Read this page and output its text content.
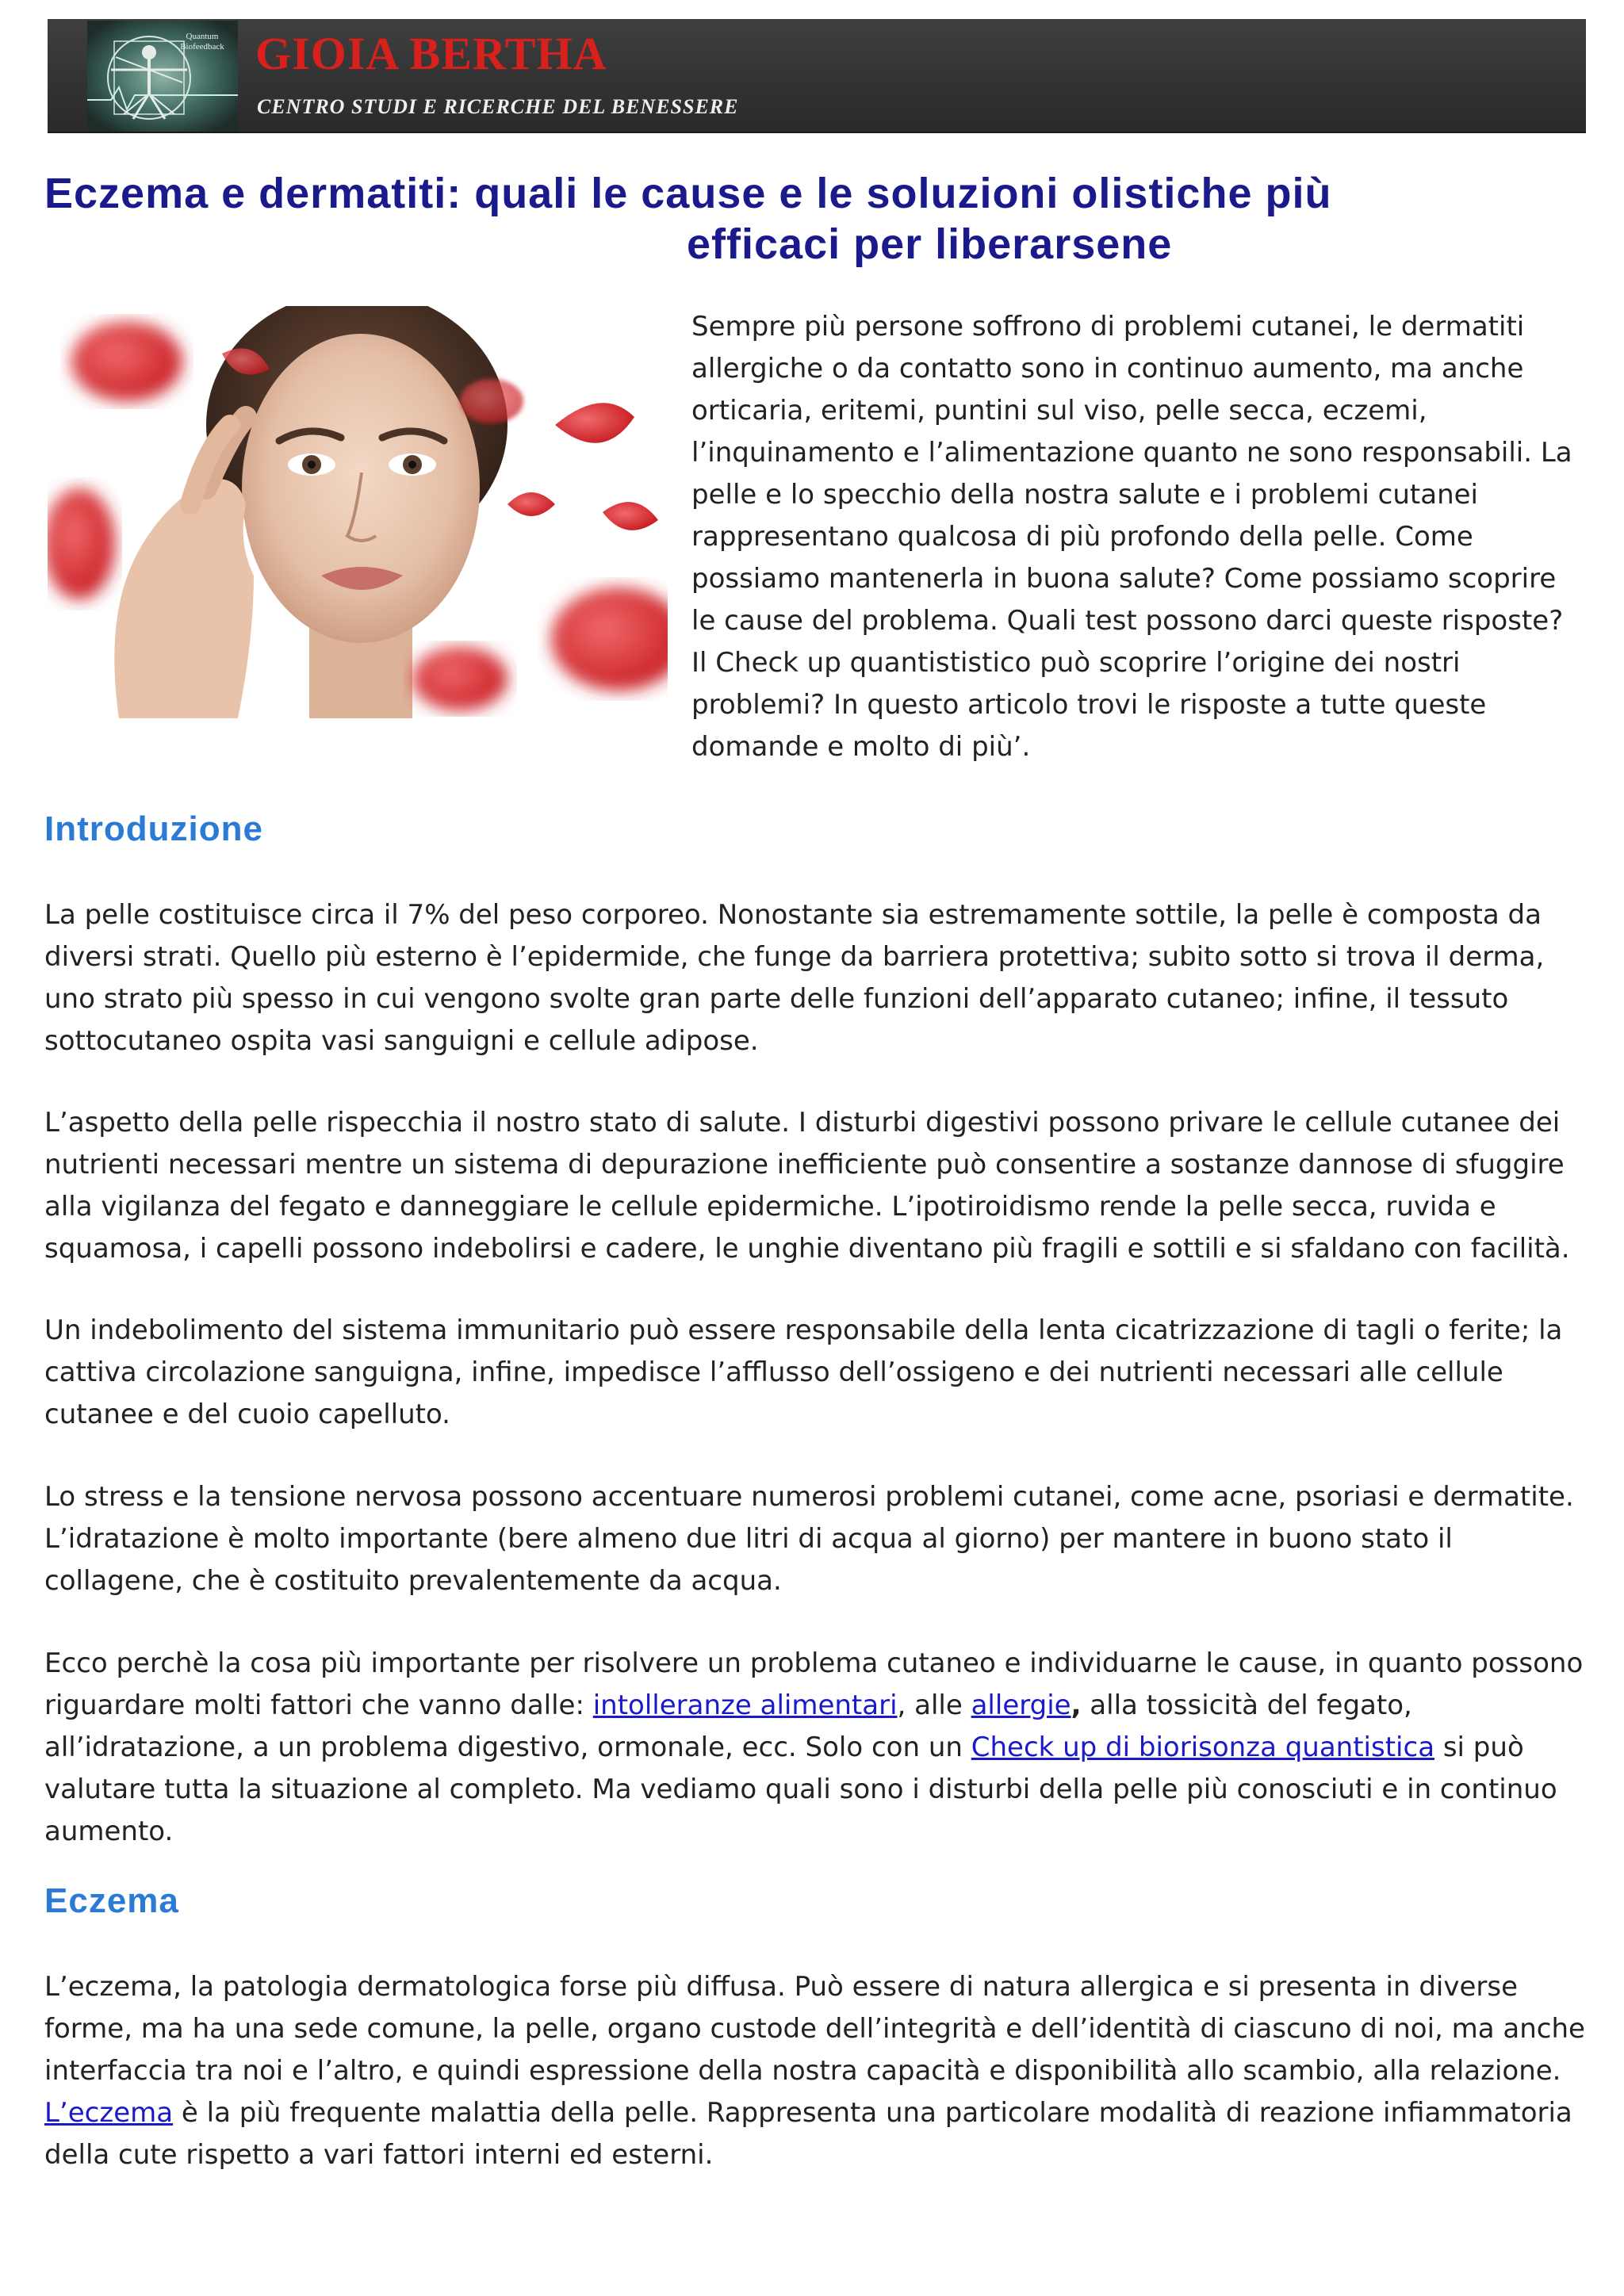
Quantum Biofeedback GIOIA BERTHA
CENTRO STUDI E RICERCHE DEL BENESSERE
Eczema e dermatiti: quali le cause e le soluzioni olistiche più
efficaci per liberarsene

Sempre più persone soffrono di problemi cutanei, le dermatiti allergiche o da contatto sono in continuo aumento, ma anche orticaria, eritemi, puntini sul viso, pelle secca, eczemi, l’inquinamento e l’alimentazione quanto ne sono responsabili. La pelle e lo specchio della nostra salute e i problemi cutanei rappresentano qualcosa di più profondo della pelle. Come possiamo mantenerla in buona salute? Come possiamo scoprire le cause del problema. Quali test possono darci queste risposte? Il Check up quantististico può scoprire l’origine dei nostri problemi? In questo articolo trovi le risposte a tutte queste domande e molto di più’.

Introduzione

La pelle costituisce circa il 7% del peso corporeo. Nonostante sia estremamente sottile, la pelle è composta da diversi strati. Quello più esterno è l’epidermide, che funge da barriera protettiva; subito sotto si trova il derma, uno strato più spesso in cui vengono svolte gran parte delle funzioni dell’apparato cutaneo; infine, il tessuto sottocutaneo ospita vasi sanguigni e cellule adipose.

L’aspetto della pelle rispecchia il nostro stato di salute. I disturbi digestivi possono privare le cellule cutanee dei nutrienti necessari mentre un sistema di depurazione inefficiente può consentire a sostanze dannose di sfuggire alla vigilanza del fegato e danneggiare le cellule epidermiche. L’ipotiroidismo rende la pelle secca, ruvida e squamosa, i capelli possono indebolirsi e cadere, le unghie diventano più fragili e sottili e si sfaldano con facilità.

Un indebolimento del sistema immunitario può essere responsabile della lenta cicatrizzazione di tagli o ferite; la cattiva circolazione sanguigna, infine, impedisce l’afflusso dell’ossigeno e dei nutrienti necessari alle cellule cutanee e del cuoio capelluto.

Lo stress e la tensione nervosa possono accentuare numerosi problemi cutanei, come acne, psoriasi e dermatite. L’idratazione è molto importante (bere almeno due litri di acqua al giorno) per mantere in buono stato il collagene, che è costituito prevalentemente da acqua.

Ecco perchè la cosa più importante per risolvere un problema cutaneo e individuarne le cause, in quanto possono riguardare molti fattori che vanno dalle: intolleranze alimentari, alle allergie, alla tossicità del fegato, all’idratazione, a un problema digestivo, ormonale, ecc. Solo con un Check up di biorisonza quantistica si può valutare tutta la situazione al completo. Ma vediamo quali sono i disturbi della pelle più conosciuti e in continuo aumento.

Eczema

L’eczema, la patologia dermatologica forse più diffusa. Può essere di natura allergica e si presenta in diverse forme, ma ha una sede comune, la pelle, organo custode dell’integrità e dell’identità di ciascuno di noi, ma anche interfaccia tra noi e l’altro, e quindi espressione della nostra capacità e disponibilità allo scambio, alla relazione.
L’eczema è la più frequente malattia della pelle. Rappresenta una particolare modalità di reazione infiammatoria della cute rispetto a vari fattori interni ed esterni.
